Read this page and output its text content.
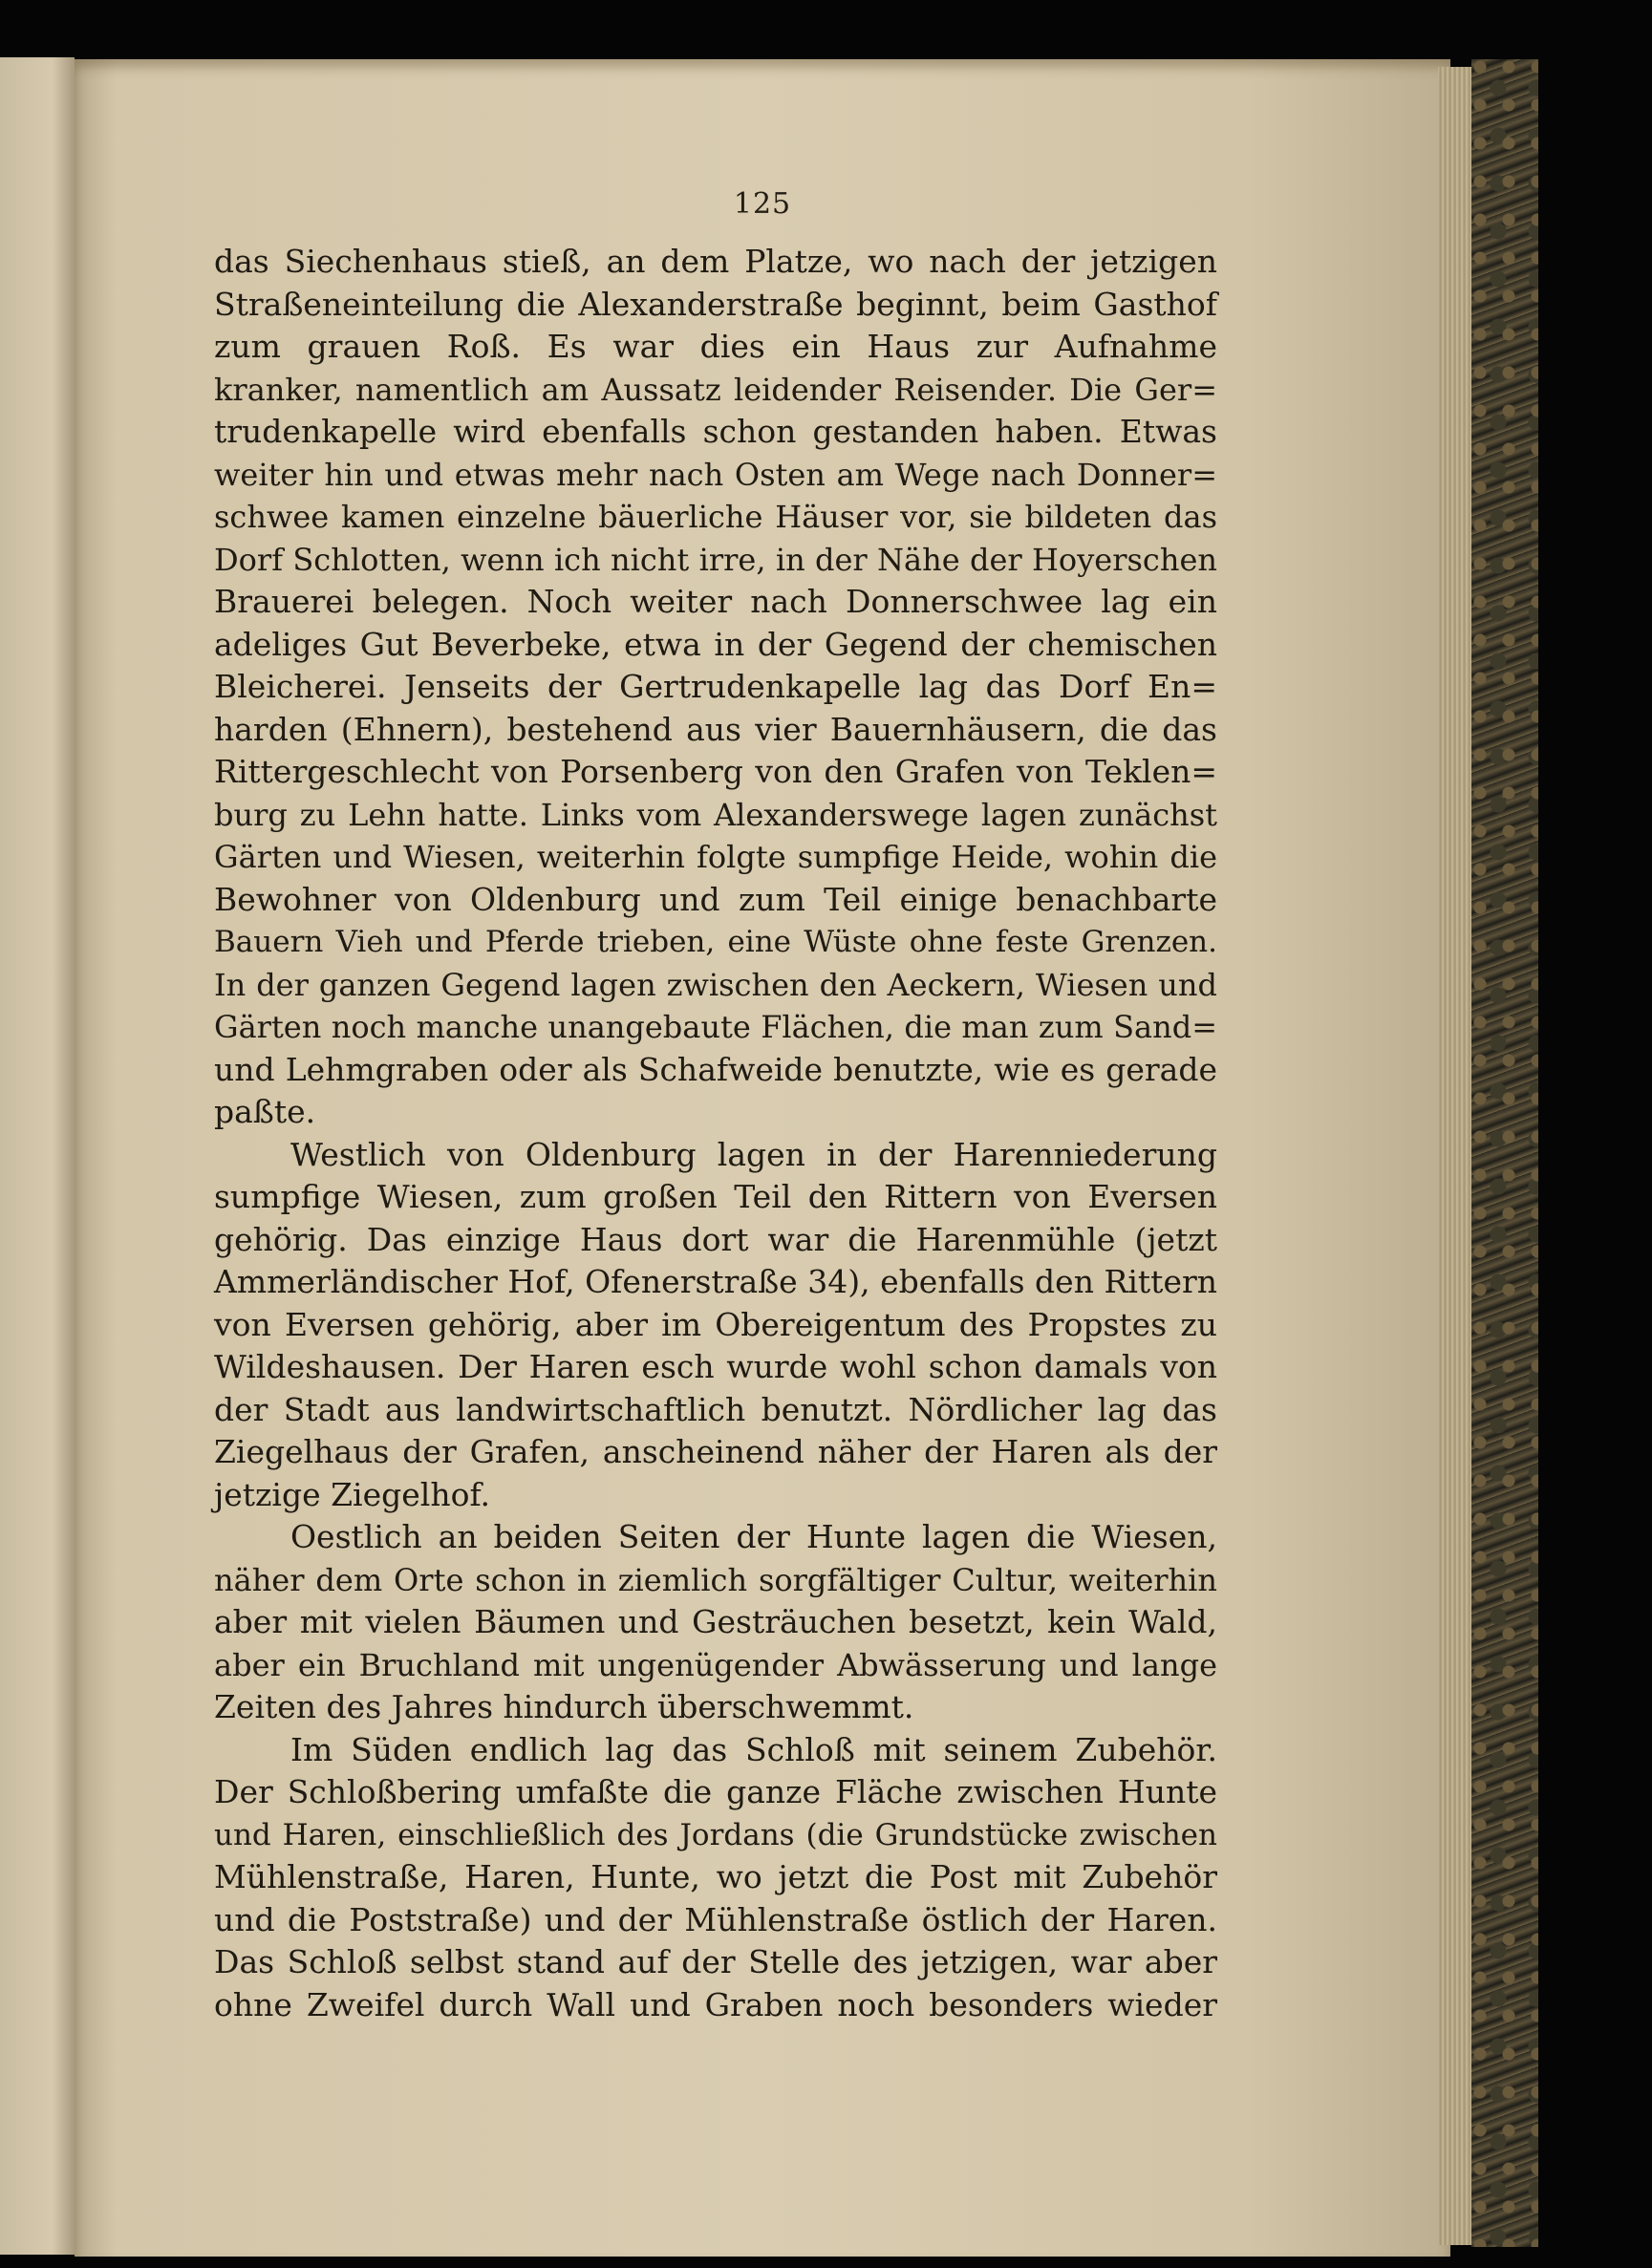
125
das Siechenhaus stieß, an dem Platze, wo nach der jetzigen
Straßeneinteilung die Alexanderstraße beginnt, beim Gasthof
zum grauen Roß. Es war dies ein Haus zur Aufnahme
kranker, namentlich am Aussatz leidender Reisender. Die Ger=
trudenkapelle wird ebenfalls schon gestanden haben. Etwas
weiter hin und etwas mehr nach Osten am Wege nach Donner=
schwee kamen einzelne bäuerliche Häuser vor, sie bildeten das
Dorf Schlotten, wenn ich nicht irre, in der Nähe der Hoyerschen
Brauerei belegen. Noch weiter nach Donnerschwee lag ein
adeliges Gut Beverbeke, etwa in der Gegend der chemischen
Bleicherei. Jenseits der Gertrudenkapelle lag das Dorf En=
harden (Ehnern), bestehend aus vier Bauernhäusern, die das
Rittergeschlecht von Porsenberg von den Grafen von Teklen=
burg zu Lehn hatte. Links vom Alexanderswege lagen zunächst
Gärten und Wiesen, weiterhin folgte sumpfige Heide, wohin die
Bewohner von Oldenburg und zum Teil einige benachbarte
Bauern Vieh und Pferde trieben, eine Wüste ohne feste Grenzen.
In der ganzen Gegend lagen zwischen den Aeckern, Wiesen und
Gärten noch manche unangebaute Flächen, die man zum Sand=
und Lehmgraben oder als Schafweide benutzte, wie es gerade
paßte.
Westlich von Oldenburg lagen in der Harenniederung
sumpfige Wiesen, zum großen Teil den Rittern von Eversen
gehörig. Das einzige Haus dort war die Harenmühle (jetzt
Ammerländischer Hof, Ofenerstraße 34), ebenfalls den Rittern
von Eversen gehörig, aber im Obereigentum des Propstes zu
Wildeshausen. Der Haren esch wurde wohl schon damals von
der Stadt aus landwirtschaftlich benutzt. Nördlicher lag das
Ziegelhaus der Grafen, anscheinend näher der Haren als der
jetzige Ziegelhof.
Oestlich an beiden Seiten der Hunte lagen die Wiesen,
näher dem Orte schon in ziemlich sorgfältiger Cultur, weiterhin
aber mit vielen Bäumen und Gesträuchen besetzt, kein Wald,
aber ein Bruchland mit ungenügender Abwässerung und lange
Zeiten des Jahres hindurch überschwemmt.
Im Süden endlich lag das Schloß mit seinem Zubehör.
Der Schloßbering umfaßte die ganze Fläche zwischen Hunte
und Haren, einschließlich des Jordans (die Grundstücke zwischen
Mühlenstraße, Haren, Hunte, wo jetzt die Post mit Zubehör
und die Poststraße) und der Mühlenstraße östlich der Haren.
Das Schloß selbst stand auf der Stelle des jetzigen, war aber
ohne Zweifel durch Wall und Graben noch besonders wieder
